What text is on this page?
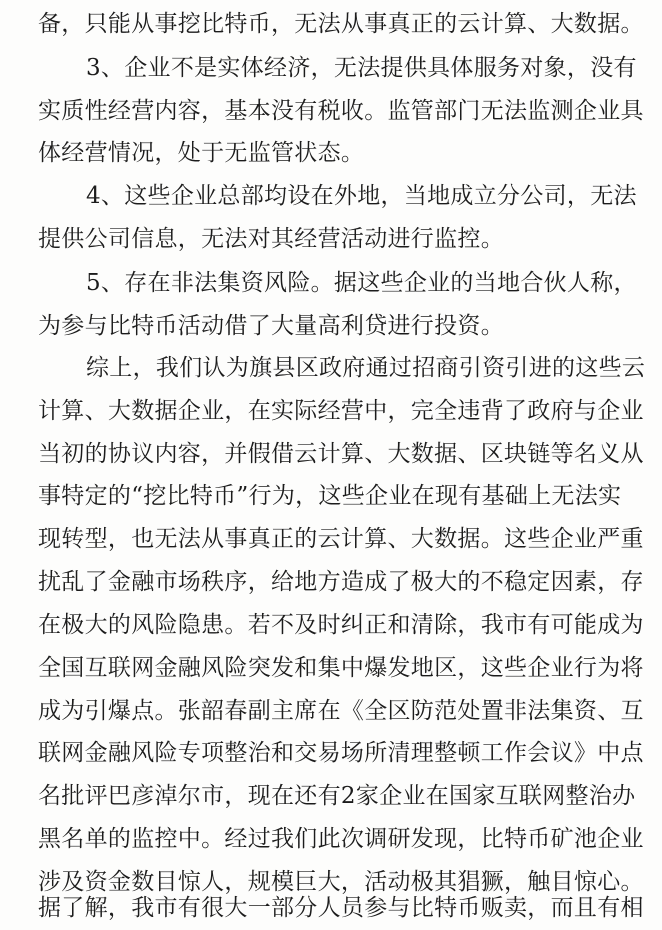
备，只能从事挖比特币，无法从事真正的云计算、大数据。
3、企业不是实体经济，无法提供具体服务对象，没有
实质性经营内容，基本没有税收。监管部门无法监测企业具
体经营情况，处于无监管状态。
4、这些企业总部均设在外地，当地成立分公司，无法
提供公司信息，无法对其经营活动进行监控。
5、存在非法集资风险。据这些企业的当地合伙人称，
为参与比特币活动借了大量高利贷进行投资。
综上，我们认为旗县区政府通过招商引资引进的这些云
计算、大数据企业，在实际经营中，完全违背了政府与企业
当初的协议内容，并假借云计算、大数据、区块链等名义从
事特定的“挖比特币”行为，这些企业在现有基础上无法实
现转型，也无法从事真正的云计算、大数据。这些企业严重
扰乱了金融市场秩序，给地方造成了极大的不稳定因素，存
在极大的风险隐患。若不及时纠正和清除，我市有可能成为
全国互联网金融风险突发和集中爆发地区，这些企业行为将
成为引爆点。张韶春副主席在《全区防范处置非法集资、互
联网金融风险专项整治和交易场所清理整顿工作会议》中点
名批评巴彦淖尔市，现在还有2家企业在国家互联网整治办
黑名单的监控中。经过我们此次调研发现，比特币矿池企业
涉及资金数目惊人，规模巨大，活动极其猖獗，触目惊心。
据了解，我市有很大一部分人员参与比特币贩卖，而且有相
